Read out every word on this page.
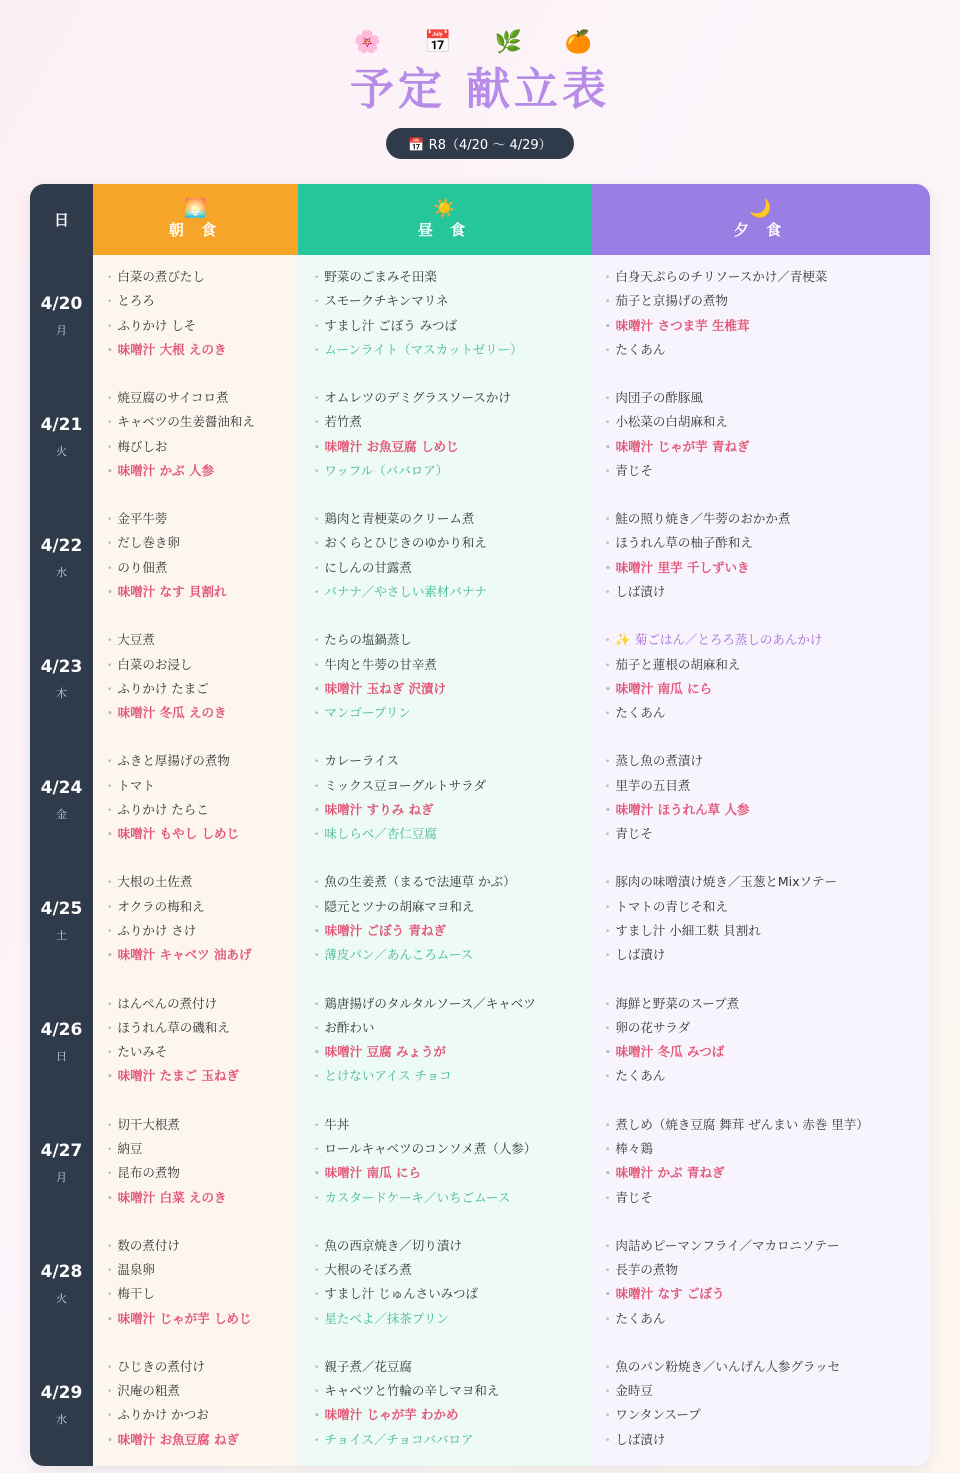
🌸 📅 🌿 🍊
予定 献立表
📅 R8（4/20 〜 4/29）
日
🌅
朝 食
☀️
昼 食
🌙
夕 食
4/20
月
• 白菜の煮びたし
• とろろ
• ふりかけ しそ
• 味噌汁 大根 えのき
• 野菜のごまみそ田楽
• スモークチキンマリネ
• すまし汁 ごぼう みつば
• ムーンライト（マスカットゼリー）
• 白身天ぷらのチリソースかけ／青梗菜
• 茄子と京揚げの煮物
• 味噌汁 さつま芋 生椎茸
• たくあん
4/21
火
• 焼豆腐のサイコロ煮
• キャベツの生姜醤油和え
• 梅びしお
• 味噌汁 かぶ 人参
• オムレツのデミグラスソースかけ
• 若竹煮
• 味噌汁 お魚豆腐 しめじ
• ワッフル（ババロア）
• 肉団子の酢豚風
• 小松菜の白胡麻和え
• 味噌汁 じゃが芋 青ねぎ
• 青じそ
4/22
水
• 金平牛蒡
• だし巻き卵
• のり佃煮
• 味噌汁 なす 貝割れ
• 鶏肉と青梗菜のクリーム煮
• おくらとひじきのゆかり和え
• にしんの甘露煮
• バナナ／やさしい素材バナナ
• 鮭の照り焼き／牛蒡のおかか煮
• ほうれん草の柚子酢和え
• 味噌汁 里芋 千しずいき
• しば漬け
4/23
木
• 大豆煮
• 白菜のお浸し
• ふりかけ たまご
• 味噌汁 冬瓜 えのき
• たらの塩鍋蒸し
• 牛肉と牛蒡の甘辛煮
• 味噌汁 玉ねぎ 沢漬け
• マンゴープリン
• ✨ 菊ごはん／とろろ蒸しのあんかけ
• 茄子と蓮根の胡麻和え
• 味噌汁 南瓜 にら
• たくあん
4/24
金
• ふきと厚揚げの煮物
• トマト
• ふりかけ たらこ
• 味噌汁 もやし しめじ
• カレーライス
• ミックス豆ヨーグルトサラダ
• 味噌汁 すりみ ねぎ
• 味しらべ／杏仁豆腐
• 蒸し魚の煮漬け
• 里芋の五目煮
• 味噌汁 ほうれん草 人参
• 青じそ
4/25
土
• 大根の土佐煮
• オクラの梅和え
• ふりかけ さけ
• 味噌汁 キャベツ 油あげ
• 魚の生姜煮（まるで法連草 かぶ）
• 隠元とツナの胡麻マヨ和え
• 味噌汁 ごぼう 青ねぎ
• 薄皮パン／あんころムース
• 豚肉の味噌漬け焼き／玉葱とMixソテー
• トマトの青じそ和え
• すまし汁 小細工麩 貝割れ
• しば漬け
4/26
日
• はんぺんの煮付け
• ほうれん草の磯和え
• たいみそ
• 味噌汁 たまご 玉ねぎ
• 鶏唐揚げのタルタルソース／キャベツ
• お酢わい
• 味噌汁 豆腐 みょうが
• とけないアイス チョコ
• 海鮮と野菜のスープ煮
• 卵の花サラダ
• 味噌汁 冬瓜 みつば
• たくあん
4/27
月
• 切干大根煮
• 納豆
• 昆布の煮物
• 味噌汁 白菜 えのき
• 牛丼
• ロールキャベツのコンソメ煮（人参）
• 味噌汁 南瓜 にら
• カスタードケーキ／いちごムース
• 煮しめ（焼き豆腐 舞茸 ぜんまい 赤巻 里芋）
• 棒々鶏
• 味噌汁 かぶ 青ねぎ
• 青じそ
4/28
火
• 数の煮付け
• 温泉卵
• 梅干し
• 味噌汁 じゃが芋 しめじ
• 魚の西京焼き／切り漬け
• 大根のそぼろ煮
• すまし汁 じゅんさいみつば
• 星たべよ／抹茶プリン
• 肉詰めピーマンフライ／マカロニソテー
• 長芋の煮物
• 味噌汁 なす ごぼう
• たくあん
4/29
水
• ひじきの煮付け
• 沢庵の粗煮
• ふりかけ かつお
• 味噌汁 お魚豆腐 ねぎ
• 親子煮／花豆腐
• キャベツと竹輪の辛しマヨ和え
• 味噌汁 じゃが芋 わかめ
• チョイス／チョコババロア
• 魚のパン粉焼き／いんげん人参グラッセ
• 金時豆
• ワンタンスープ
• しば漬け
